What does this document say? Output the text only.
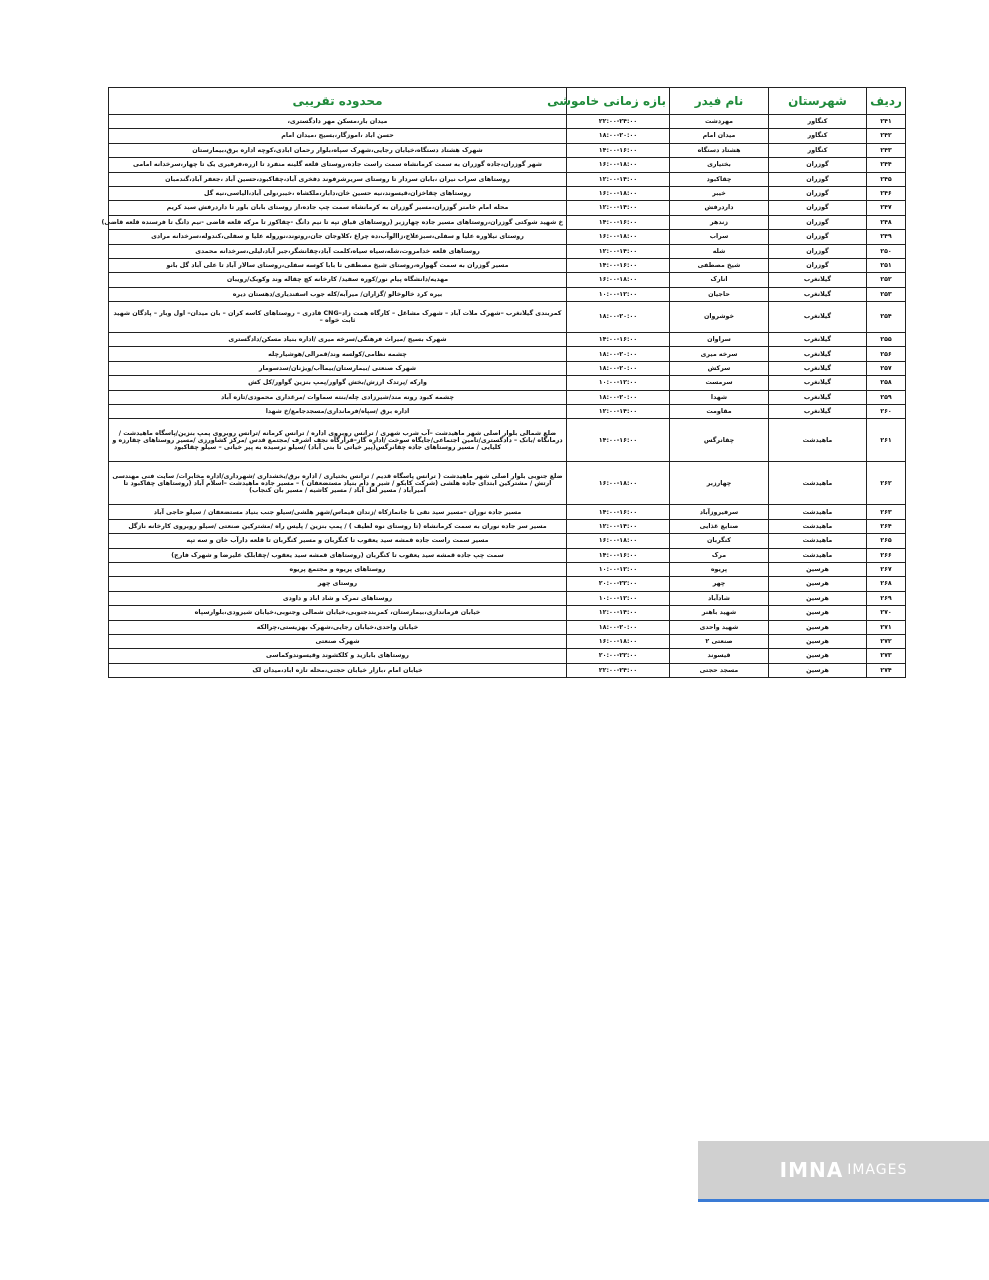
ردیف	شهرستان	نام فیدر	بازه زمانی خاموشی	محدوده تقریبی
۲۴۱	کنگاور	مهردشت	۲۲:۰۰-۲۴:۰۰	میدان بار،مسکن مهر دادگستری،
۲۴۲	کنگاور	میدان امام	۱۸:۰۰-۲۰:۰۰	حسن اباد ،اموزگار،بسیج ،میدان امام
۲۴۳	کنگاور	هشتاد دستگاه	۱۴:۰۰-۱۶:۰۰	شهرک هشتاد دستگاه،خیابان رجایی،شهرک سپاه،بلوار رحمان ابادی،کوچه اداره برق،بیمارستان
۲۴۴	گوزران	بختیاری	۱۶:۰۰-۱۸:۰۰	شهر گوزران،جاده گوزران به سمت کرمانشاه سمت راست جاده،روستای قلعه گلینه منفرد تا ازره،فرفیری یک تا چهار،سرخدانه امامی
۲۴۵	گوزران	چقاکبود	۱۲:۰۰-۱۴:۰۰	روستاهای سراب نیران ،بابان سردار تا روستای سریرشرفوند دفخری آباد،چقاکبود،حسین آباد ،جعفر آباد،گندمبان
۲۴۶	گوزران	خیبر	۱۶:۰۰-۱۸:۰۰	روستاهای چقاخزان،قیسوند،نیه حسین خان،دابار،ملکشاه ،خیبر،ولی آباد،الیاسی،نیه گل
۲۴۷	گوزران	داردرفش	۱۲:۰۰-۱۴:۰۰	محله امام خامنر گوزران،مسیر گوزران به کرمانشاه سمت چپ جاده،از روستای بابان باور تا داردرفش سید کریم
۲۴۸	گوزران	زندهر	۱۴:۰۰-۱۶:۰۰	خ شهید شوکتی گوزران،روستاهای مسیر جاده چهارزبر (روستاهای قباق تپه تا نیم دانگ -چقاکوز تا مرکه قلعه قاضی -نیم دانگ تا فرسنده قلعه قاضی)
۲۴۹	گوزران	سراب	۱۶:۰۰-۱۸:۰۰	روستای نیلاوره علیا و سفلی،سبزعلاج،زاالوآب،ده چراغ ،کلاوجان جان،روتوند،نوروله علیا و سفلی،کندوله،سرخدانه مرادی
۲۵۰	گوزران	شله	۱۲:۰۰-۱۴:۰۰	روستاهای قلعه خدامروت،شله،سیاه سیاه،کلمت آباد،چقانشگر،جبر آباد،لیلی،سرخدانه محمدی
۲۵۱	گوزران	شیخ مصطفی	۱۴:۰۰-۱۶:۰۰	مسیر گوزران به سمت گهواره،روستای شیخ مصطفی تا بابا کوسه سفلی،روستای سالار آباد تا علی آباد گل بانو
۲۵۲	گیلانغرب	انارک	۱۶:۰۰-۱۸:۰۰	مهدیه/دانشگاه پیام نور/کوره سفید/ کارخانه کچ چقاله وند وکوبک/رویبان
۲۵۳	گیلانغرب	حاجیان	۱۰:۰۰-۱۲:۰۰	بیره کرد خالوخالو /گزاران/ میرآبه/کله جوب اسفندیاری/دهستان دیره
۲۵۴	گیلانغرب	خوشروان	۱۸:۰۰-۲۰:۰۰	کمربندی گیلانغرب –شهرک ملات آباد – شهرک مشاغل – کارگاه همت زاد–CNG قادری – روستاهای کاسه کران – بان میدان– اول وبار – پادگان شهید ثابت خواه –
۲۵۵	گیلانغرب	سراوان	۱۴:۰۰-۱۶:۰۰	شهرک بسیج /میراث فرهنگی/سرخه میری /اداره بنیاد مسکن/دادگستری
۲۵۶	گیلانغرب	سرخه میری	۱۸:۰۰-۲۰:۰۰	چشمه نظامی/کولسه وند/قمرالی/هوشیارچله
۲۵۷	گیلانغرب	سرکش	۱۸:۰۰-۲۰:۰۰	شهرک صنعتی /بیمارستان/بیماآب/ویژنان/سدسومار
۲۵۸	گیلانغرب	سرمست	۱۰:۰۰-۱۲:۰۰	وارکه /پرتدک ارزش/بخش گواور/پمپ بنزین گواور/کل کش
۲۵۹	گیلانغرب	شهدا	۱۸:۰۰-۲۰:۰۰	چشمه کبود رونه مند/شیرزادی چله/بنته سماوات /مرغداری محمودی/تازه آباد
۲۶۰	گیلانغرب	مقاومت	۱۲:۰۰-۱۴:۰۰	اداره برق /سپاه/فرمانداری/مسجدجامع/خ شهدا
۲۶۱	ماهیدشت	چقانرگس	۱۴:۰۰-۱۶:۰۰	ضلع شمالی بلوار اصلی شهر ماهیدشت –آب شرب شهری / ترانس روبروی اداره / ترانس کرمانه /ترانس روبروی پمپ بنزین/پاسگاه ماهیدشت / درمانگاه /بانک – دادگستری/تامین اجتماعی/جایگاه سوخت /اداره گاز–قرارگاه نجف اشرف /مجتمع قدس /مرکز کشاورزی /مسیر روستاهای چقارزه و کلیایی / مسیر روستاهای جاده چقانرگس(پیر خیاتی تا بنی آباد) /سیلو نرسیده به پیر خیاتی – سیلو چقاکبود
۲۶۲	ماهیدشت	چهارزبر	۱۶:۰۰-۱۸:۰۰	ضلع جنوبی بلوار اصلی شهر ماهیدشت ( ترانس پاسگاه قدیم / ترانس بختیاری / اداره برق/بخشداری /شهرداری/اداره مخابرات/ سایت فنی مهندسی ارتش / مشترکین ابتدای جاده هلشی (شرکت کابکو / شیر و دام بنیاد مستضعفان ) – مسیر جاده ماهیدشت –اسلام آباد (روستاهای چقاکبود تا امیرآباد / مسیر لعل آباد / مسیر کاشیه / مسیر بان کنجاب)
۲۶۳	ماهیدشت	سرفیروزآباد	۱۴:۰۰-۱۶:۰۰	مسیر جاده نوران –مسیر سید نقی تا جانمازکاه /زندان قیماس/شهر هلشی/سیلو جنب بنیاد مستضعفان / سیلو حاجی آباد
۲۶۴	ماهیدشت	صنایع غذایی	۱۲:۰۰-۱۴:۰۰	مسیر سر جاده نوران به سمت کرمانشاه (تا روستای نوه لطیف ) / پمپ بنزین / پلیس راه /مشترکین صنعتی /سیلو روبروی کارخانه نازگل
۲۶۵	ماهیدشت	کنگربان	۱۶:۰۰-۱۸:۰۰	مسیر سمت راست جاده قمشه سید یعقوب تا کنگربان و مسیر کنگربان تا قلعه دارآب خان و سه تپه
۲۶۶	ماهیدشت	مرک	۱۴:۰۰-۱۶:۰۰	سمت چپ جاده قمشه سید یعقوب تا کنگربان (روستاهای قمشه سید یعقوب /چقابلک علیرضا و شهرک فارج)
۲۶۷	هرسین	پریوه	۱۰:۰۰-۱۲:۰۰	روستاهای پریوه و مجتمع پریوه
۲۶۸	هرسین	چهر	۲۰:۰۰-۲۲:۰۰	روستای چهر
۲۶۹	هرسین	شادآباد	۱۰:۰۰-۱۲:۰۰	روستاهای تمرک و شاد اباد و داودی
۲۷۰	هرسین	شهید باهنر	۱۲:۰۰-۱۴:۰۰	خیابان فرمانداری،بیمارستان، کمربندجنوبی،خیابان شمالی وجنوبی،خیابان شیرودی،بلوارسپاه
۲۷۱	هرسین	شهید واحدی	۱۸:۰۰-۲۰:۰۰	خیابان واحدی،خیابان رجایی،شهرک بهزیستی،چرالکه
۲۷۲	هرسین	صنعتی ۲	۱۶:۰۰-۱۸:۰۰	شهرک صنعتی
۲۷۳	هرسین	قیسوند	۲۰:۰۰-۲۲:۰۰	روستاهای بابازید و کلکشوند وقیسوندوکماسی
۲۷۴	هرسین	مسجد حجتی	۲۲:۰۰-۲۴:۰۰	خیابان امام ،بازار خیابان حجتی،محله تازه اباد،میدان لک
IMNA IMAGES
